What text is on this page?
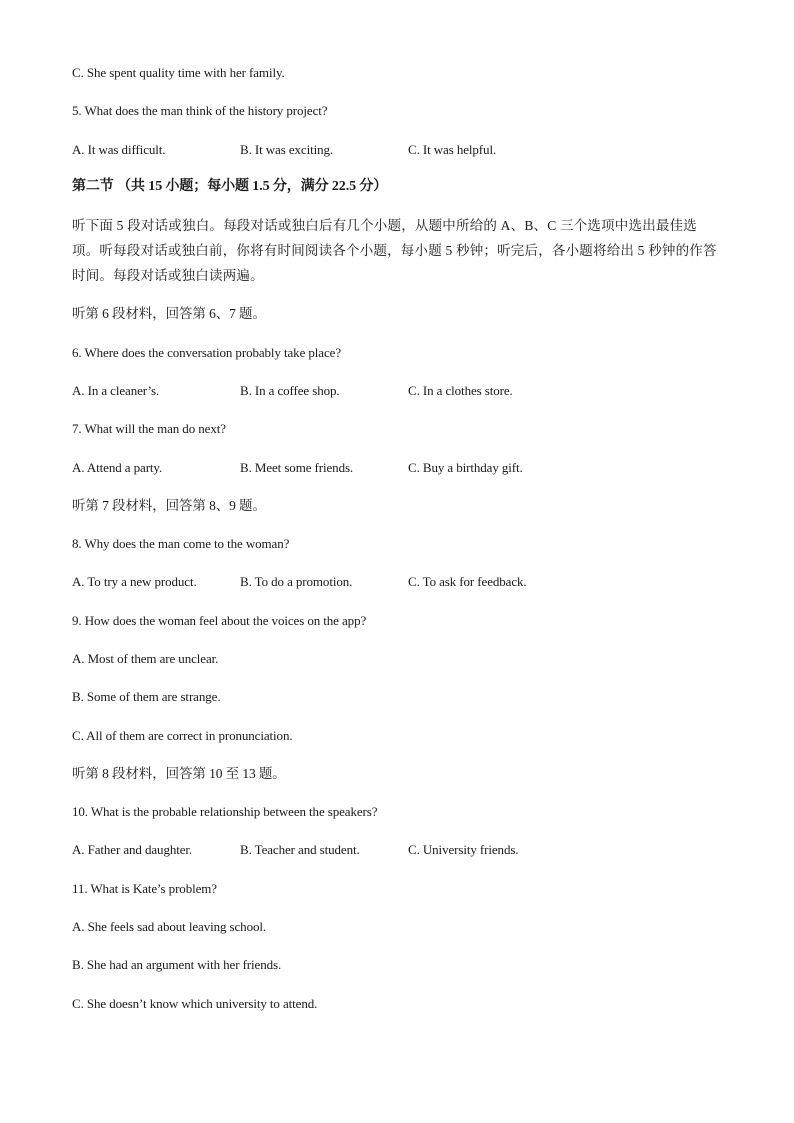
C. She spent quality time with her family.
5. What does the man think of the history project?
A. It was difficult.	B. It was exciting.	C. It was helpful.
第二节 （共 15 小题；每小题 1.5 分，满分 22.5 分）
听下面 5 段对话或独白。每段对话或独白后有几个小题，从题中所给的 A、B、C 三个选项中选出最佳选项。听每段对话或独白前，你将有时间阅读各个小题，每小题 5 秒钟；听完后，各小题将给出 5 秒钟的作答时间。每段对话或独白读两遍。
听第 6 段材料，回答第 6、7 题。
6. Where does the conversation probably take place?
A. In a cleaner’s.	B. In a coffee shop.	C. In a clothes store.
7. What will the man do next?
A. Attend a party.	B. Meet some friends.	C. Buy a birthday gift.
听第 7 段材料，回答第 8、9 题。
8. Why does the man come to the woman?
A. To try a new product.	B. To do a promotion.	C. To ask for feedback.
9. How does the woman feel about the voices on the app?
A. Most of them are unclear.
B. Some of them are strange.
C. All of them are correct in pronunciation.
听第 8 段材料，回答第 10 至 13 题。
10. What is the probable relationship between the speakers?
A. Father and daughter.	B. Teacher and student.	C. University friends.
11. What is Kate’s problem?
A. She feels sad about leaving school.
B. She had an argument with her friends.
C. She doesn’t know which university to attend.
